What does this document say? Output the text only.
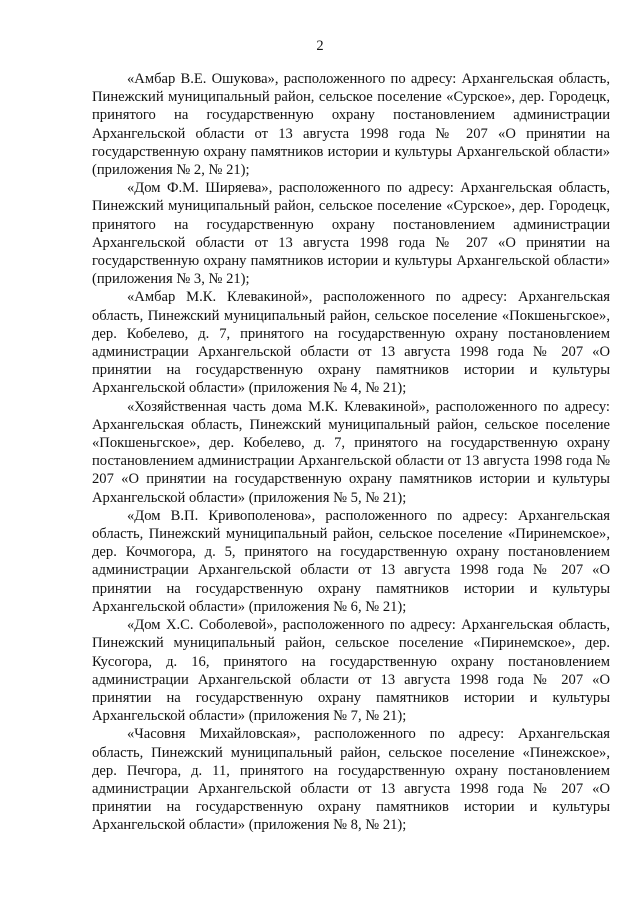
2

«Амбар В.Е. Ошукова», расположенного по адресу: Архангельская область, Пинежский муниципальный район, сельское поселение «Сурское», дер. Городецк, принятого на государственную охрану постановлением администрации Архангельской области от 13 августа 1998 года № 207 «О принятии на государственную охрану памятников истории и культуры Архангельской области» (приложения № 2, № 21);

«Дом Ф.М. Ширяева», расположенного по адресу: Архангельская область, Пинежский муниципальный район, сельское поселение «Сурское», дер. Городецк, принятого на государственную охрану постановлением администрации Архангельской области от 13 августа 1998 года № 207 «О принятии на государственную охрану памятников истории и культуры Архангельской области» (приложения № 3, № 21);

«Амбар М.К. Клевакиной», расположенного по адресу: Архангельская область, Пинежский муниципальный район, сельское поселение «Покшеньгское», дер. Кобелево, д. 7, принятого на государственную охрану постановлением администрации Архангельской области от 13 августа 1998 года № 207 «О принятии на государственную охрану памятников истории и культуры Архангельской области» (приложения № 4, № 21);

«Хозяйственная часть дома М.К. Клевакиной», расположенного по адресу: Архангельская область, Пинежский муниципальный район, сельское поселение «Покшеньгское», дер. Кобелево, д. 7, принятого на государственную охрану постановлением администрации Архангельской области от 13 августа 1998 года № 207 «О принятии на государственную охрану памятников истории и культуры Архангельской области» (приложения № 5, № 21);

«Дом В.П. Кривополенова», расположенного по адресу: Архангельская область, Пинежский муниципальный район, сельское поселение «Пиринемское», дер. Кочмогора, д. 5, принятого на государственную охрану постановлением администрации Архангельской области от 13 августа 1998 года № 207 «О принятии на государственную охрану памятников истории и культуры Архангельской области» (приложения № 6, № 21);

«Дом Х.С. Соболевой», расположенного по адресу: Архангельская область, Пинежский муниципальный район, сельское поселение «Пиринемское», дер. Кусогора, д. 16, принятого на государственную охрану постановлением администрации Архангельской области от 13 августа 1998 года № 207 «О принятии на государственную охрану памятников истории и культуры Архангельской области» (приложения № 7, № 21);

«Часовня Михайловская», расположенного по адресу: Архангельская область, Пинежский муниципальный район, сельское поселение «Пинежское», дер. Печгора, д. 11, принятого на государственную охрану постановлением администрации Архангельской области от 13 августа 1998 года № 207 «О принятии на государственную охрану памятников истории и культуры Архангельской области» (приложения № 8, № 21);
